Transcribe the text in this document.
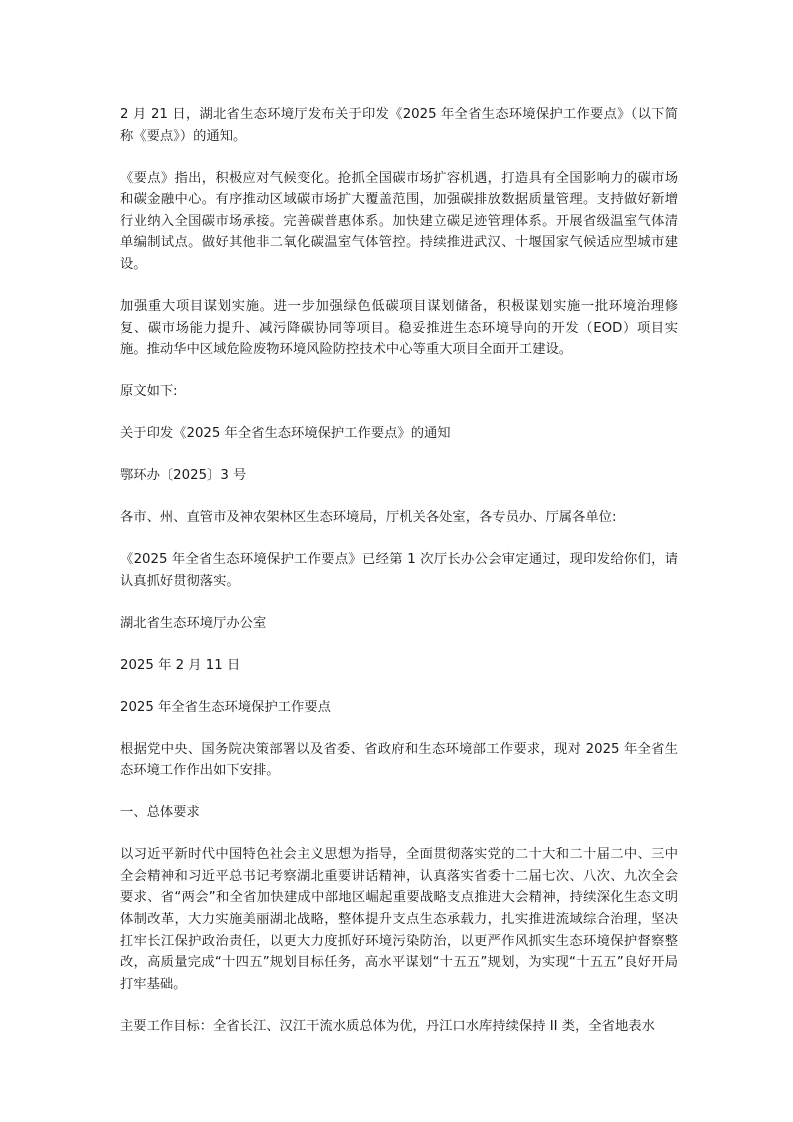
2 月 21 日，湖北省生态环境厅发布关于印发《2025 年全省生态环境保护工作要点》（以下简称《要点》）的通知。

《要点》指出，积极应对气候变化。抢抓全国碳市场扩容机遇，打造具有全国影响力的碳市场和碳金融中心。有序推动区域碳市场扩大覆盖范围，加强碳排放数据质量管理。支持做好新增行业纳入全国碳市场承接。完善碳普惠体系。加快建立碳足迹管理体系。开展省级温室气体清单编制试点。做好其他非二氧化碳温室气体管控。持续推进武汉、十堰国家气候适应型城市建设。

加强重大项目谋划实施。进一步加强绿色低碳项目谋划储备，积极谋划实施一批环境治理修复、碳市场能力提升、减污降碳协同等项目。稳妥推进生态环境导向的开发（EOD）项目实施。推动华中区域危险废物环境风险防控技术中心等重大项目全面开工建设。

原文如下:

关于印发《2025 年全省生态环境保护工作要点》的通知

鄂环办〔2025〕3 号

各市、州、直管市及神农架林区生态环境局，厅机关各处室，各专员办、厅属各单位:

《2025 年全省生态环境保护工作要点》已经第 1 次厅长办公会审定通过，现印发给你们，请认真抓好贯彻落实。

湖北省生态环境厅办公室

2025 年 2 月 11 日

2025 年全省生态环境保护工作要点

根据党中央、国务院决策部署以及省委、省政府和生态环境部工作要求，现对 2025 年全省生态环境工作作出如下安排。

一、总体要求

以习近平新时代中国特色社会主义思想为指导，全面贯彻落实党的二十大和二十届二中、三中全会精神和习近平总书记考察湖北重要讲话精神，认真落实省委十二届七次、八次、九次全会要求、省“两会”和全省加快建成中部地区崛起重要战略支点推进大会精神，持续深化生态文明体制改革，大力实施美丽湖北战略，整体提升支点生态承载力，扎实推进流域综合治理，坚决扛牢长江保护政治责任，以更大力度抓好环境污染防治，以更严作风抓实生态环境保护督察整改，高质量完成“十四五”规划目标任务，高水平谋划“十五五”规划，为实现“十五五”良好开局打牢基础。

主要工作目标：全省长江、汉江干流水质总体为优，丹江口水库持续保持 II 类，全省地表水
